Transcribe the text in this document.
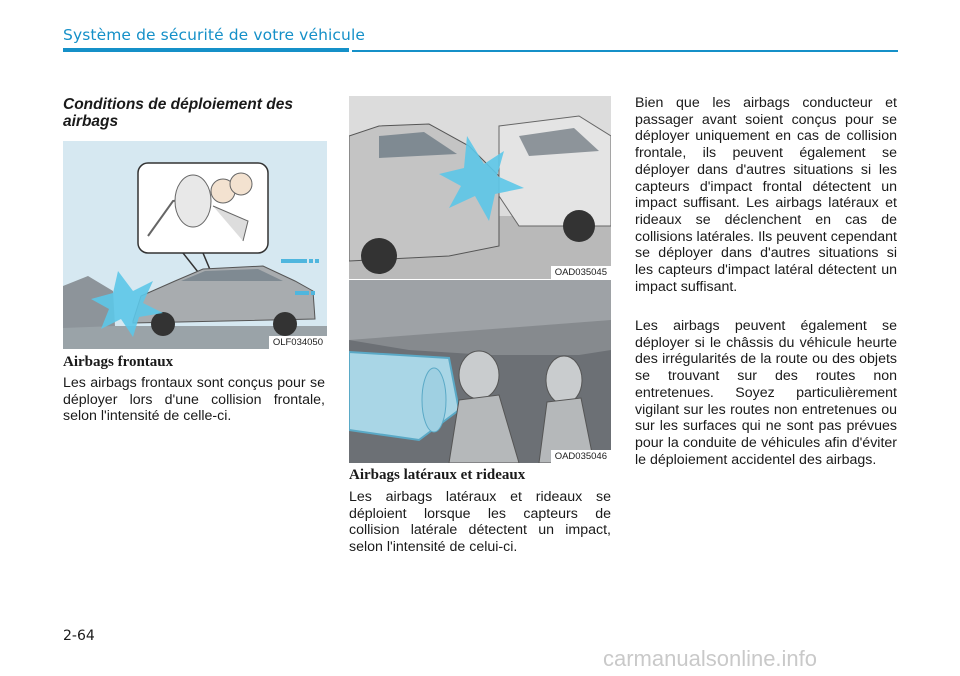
Système de sécurité de votre véhicule
Conditions de déploiement des airbags
OLF034050
Airbags frontaux
Les airbags frontaux sont conçus pour se déployer lors d'une collision frontale, selon l'intensité de celle-ci.
OAD035045
OAD035046
Airbags latéraux et rideaux
Les airbags latéraux et rideaux se déploient lorsque les capteurs de collision latérale détectent un impact, selon l'intensité de celui-ci.
Bien que les airbags conducteur et passager avant soient conçus pour se déployer uniquement en cas de collision frontale, ils peuvent également se déployer dans d'autres situations si les capteurs d'impact frontal détectent un impact suffisant. Les airbags latéraux et rideaux se déclenchent en cas de collisions latérales. Ils peuvent cependant se déployer dans d'autres situations si les capteurs d'impact latéral détectent un impact suffisant.
Les airbags peuvent également se déployer si le châssis du véhicule heurte des irrégularités de la route ou des objets se trouvant sur des routes non entretenues. Soyez particulièrement vigilant sur les routes non entretenues ou sur les surfaces qui ne sont pas prévues pour la conduite de véhicules afin d'éviter le déploiement accidentel des airbags.
2-64
carmanualsonline.info
